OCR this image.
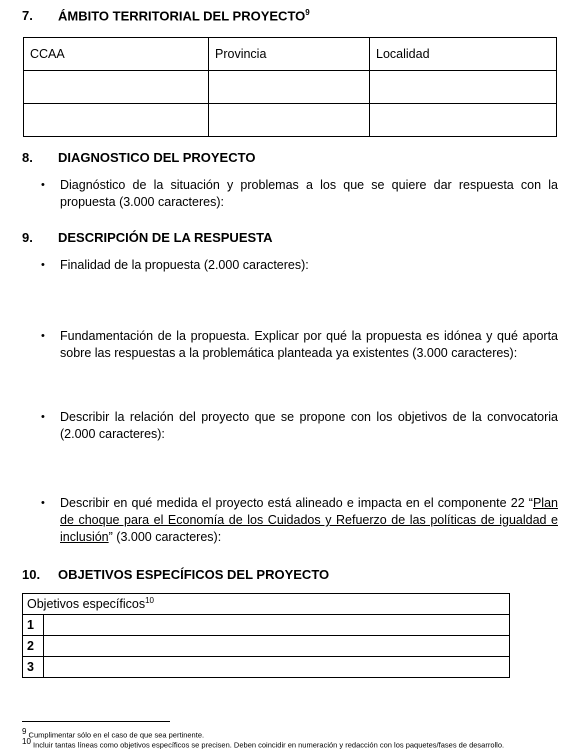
7. ÁMBITO TERRITORIAL DEL PROYECTO$^9$
CCAA	Provincia	Localidad

8. DIAGNOSTICO DEL PROYECTO
• Diagnóstico de la situación y problemas a los que se quiere dar respuesta con la propuesta (3.000 caracteres):
9. DESCRIPCIÓN DE LA RESPUESTA
• Finalidad de la propuesta (2.000 caracteres):
• Fundamentación de la propuesta. Explicar por qué la propuesta es idónea y qué aporta sobre las respuestas a la problemática planteada ya existentes (3.000 caracteres):
• Describir la relación del proyecto que se propone con los objetivos de la convocatoria (2.000 caracteres):
• Describir en qué medida el proyecto está alineado e impacta en el componente 22 “Plan de choque para el Economía de los Cuidados y Refuerzo de las políticas de igualdad e inclusión” (3.000 caracteres):
10. OBJETIVOS ESPECÍFICOS DEL PROYECTO
Objetivos específicos$^{10}$
1	
2	
3	
$^9$ Cumplimentar sólo en el caso de que sea pertinente.
$^{10}$ Incluir tantas líneas como objetivos específicos se precisen. Deben coincidir en numeración y redacción con los paquetes/fases de desarrollo.
